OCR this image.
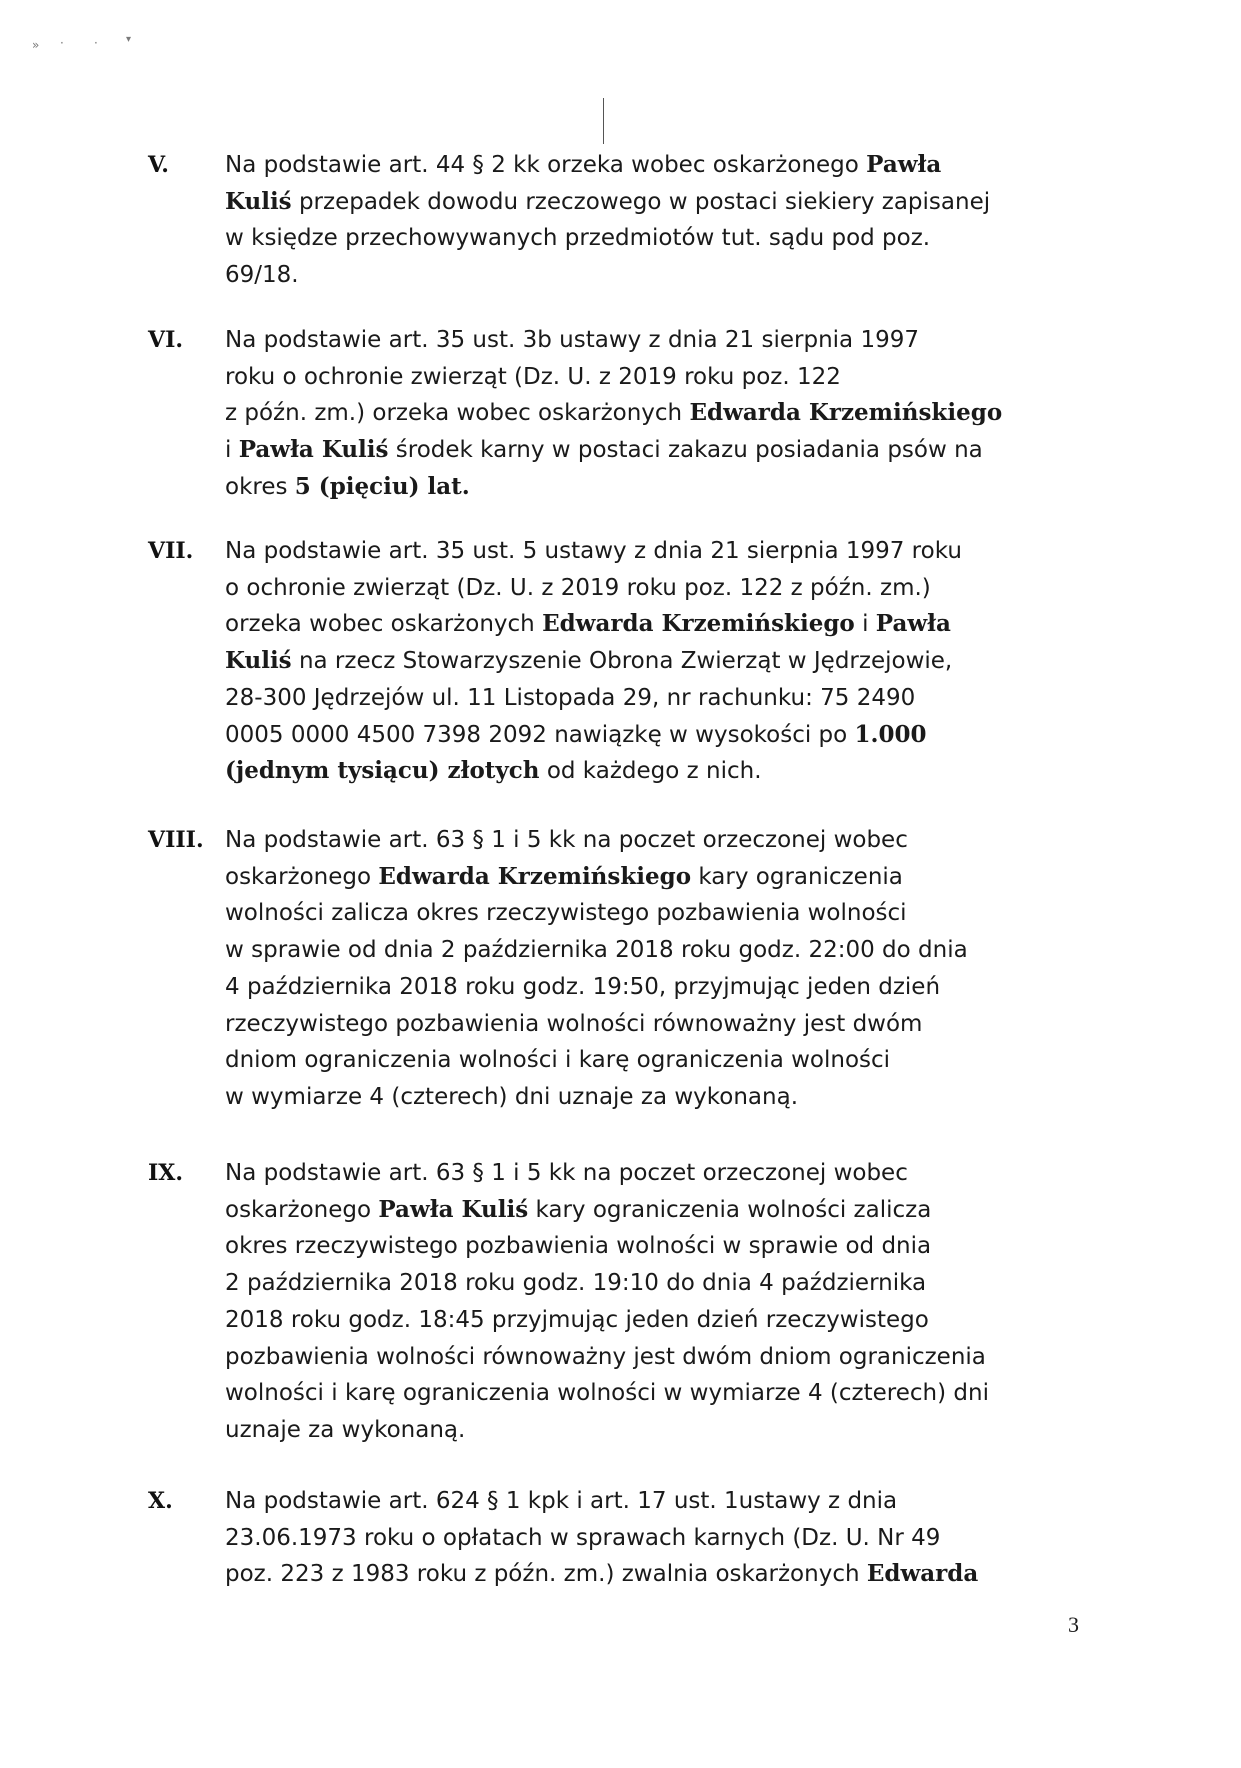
» ·	·	▾
V. Na podstawie art. 44 § 2 kk orzeka wobec oskarżonego Pawła
Kuliś przepadek dowodu rzeczowego w postaci siekiery zapisanej
w księdze przechowywanych przedmiotów tut. sądu pod poz.
69/18.
VI. Na podstawie art. 35 ust. 3b ustawy z dnia 21 sierpnia 1997
roku o ochronie zwierząt (Dz. U. z 2019 roku poz. 122
z późn. zm.) orzeka wobec oskarżonych Edwarda Krzemińskiego
i Pawła Kuliś środek karny w postaci zakazu posiadania psów na
okres 5 (pięciu) lat.
VII. Na podstawie art. 35 ust. 5 ustawy z dnia 21 sierpnia 1997 roku
o ochronie zwierząt (Dz. U. z 2019 roku poz. 122 z późn. zm.)
orzeka wobec oskarżonych Edwarda Krzemińskiego i Pawła
Kuliś na rzecz Stowarzyszenie Obrona Zwierząt w Jędrzejowie,
28-300 Jędrzejów ul. 11 Listopada 29, nr rachunku: 75 2490
0005 0000 4500 7398 2092 nawiązkę w wysokości po 1.000
(jednym tysiącu) złotych od każdego z nich.
VIII. Na podstawie art. 63 § 1 i 5 kk na poczet orzeczonej wobec
oskarżonego Edwarda Krzemińskiego kary ograniczenia
wolności zalicza okres rzeczywistego pozbawienia wolności
w sprawie od dnia 2 października 2018 roku godz. 22:00 do dnia
4 października 2018 roku godz. 19:50, przyjmując jeden dzień
rzeczywistego pozbawienia wolności równoważny jest dwóm
dniom ograniczenia wolności i karę ograniczenia wolności
w wymiarze 4 (czterech) dni uznaje za wykonaną.
IX. Na podstawie art. 63 § 1 i 5 kk na poczet orzeczonej wobec
oskarżonego Pawła Kuliś kary ograniczenia wolności zalicza
okres rzeczywistego pozbawienia wolności w sprawie od dnia
2 października 2018 roku godz. 19:10 do dnia 4 października
2018 roku godz. 18:45 przyjmując jeden dzień rzeczywistego
pozbawienia wolności równoważny jest dwóm dniom ograniczenia
wolności i karę ograniczenia wolności w wymiarze 4 (czterech) dni
uznaje za wykonaną.
X. Na podstawie art. 624 § 1 kpk i art. 17 ust. 1ustawy z dnia
23.06.1973 roku o opłatach w sprawach karnych (Dz. U. Nr 49
poz. 223 z 1983 roku z późn. zm.) zwalnia oskarżonych Edwarda
3
